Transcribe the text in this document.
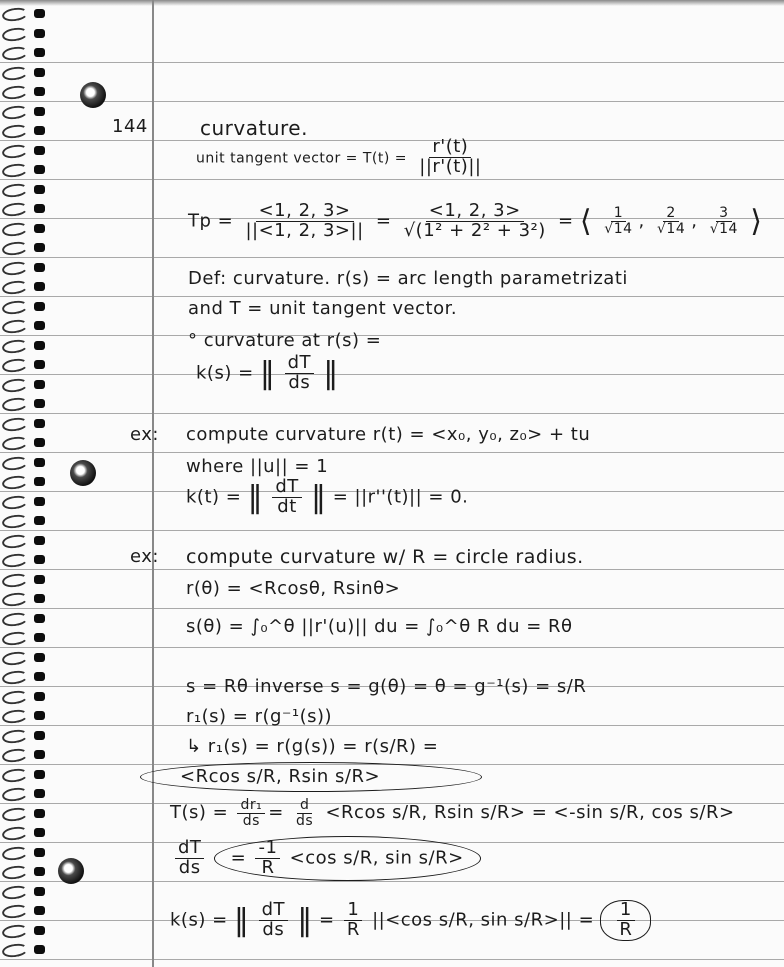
144	curvature.
unit tangent vector = $T(t) = \frac{r'(t)}{||r'(t)||}$
$Tp = \frac{<1, 2, 3>}{||<1, 2, 3>||} = \frac{<1, 2, 3>}{\text{√(1² + 2² + 3²)}}$ = ⟨ $\frac{1}{√14}$ , $\frac{2}{√14}$ , $\frac{3}{√14}$ ⟩
Def: curvature. r(s) = arc length parametrizati
and T = unit tangent vector.
° curvature at r(s) =
k(s) = ‖ $\frac{dT}{ds}$ ‖
ex: compute curvature r(t) = <x₀, y₀, z₀> + tu
where ||u|| = 1
k(t) = ‖ $\frac{dT}{dt}$ ‖ = ||r''(t)|| = 0.
ex: compute curvature w/ R = circle radius.
r(θ) = <Rcosθ, Rsinθ>
s(θ) = ∫₀^θ ||r'(u)|| du = ∫₀^θ R du = Rθ
s = Rθ inverse s = g(θ) = θ = g⁻¹(s) = s/R
r₁(s) = r(g⁻¹(s))
↳ r₁(s) = r(g(s)) = r(s/R) =
<Rcos s/R, Rsin s/R>
$T(s) = \frac{\text{dr₁}}{ds} = \frac{d}{ds} <Rcos$ s/R, Rsin s/R> = <-sin s/R, cos s/R>
$\frac{dT}{ds} = \frac{-1}{R} <\cos$ s/R, sin s/R>
k(s) = ‖ $\frac{dT}{ds}$ ‖ = $\frac{1}{R} ||<\cos$ s/R, $\sin s/R>|| = \frac{1}{R}$
